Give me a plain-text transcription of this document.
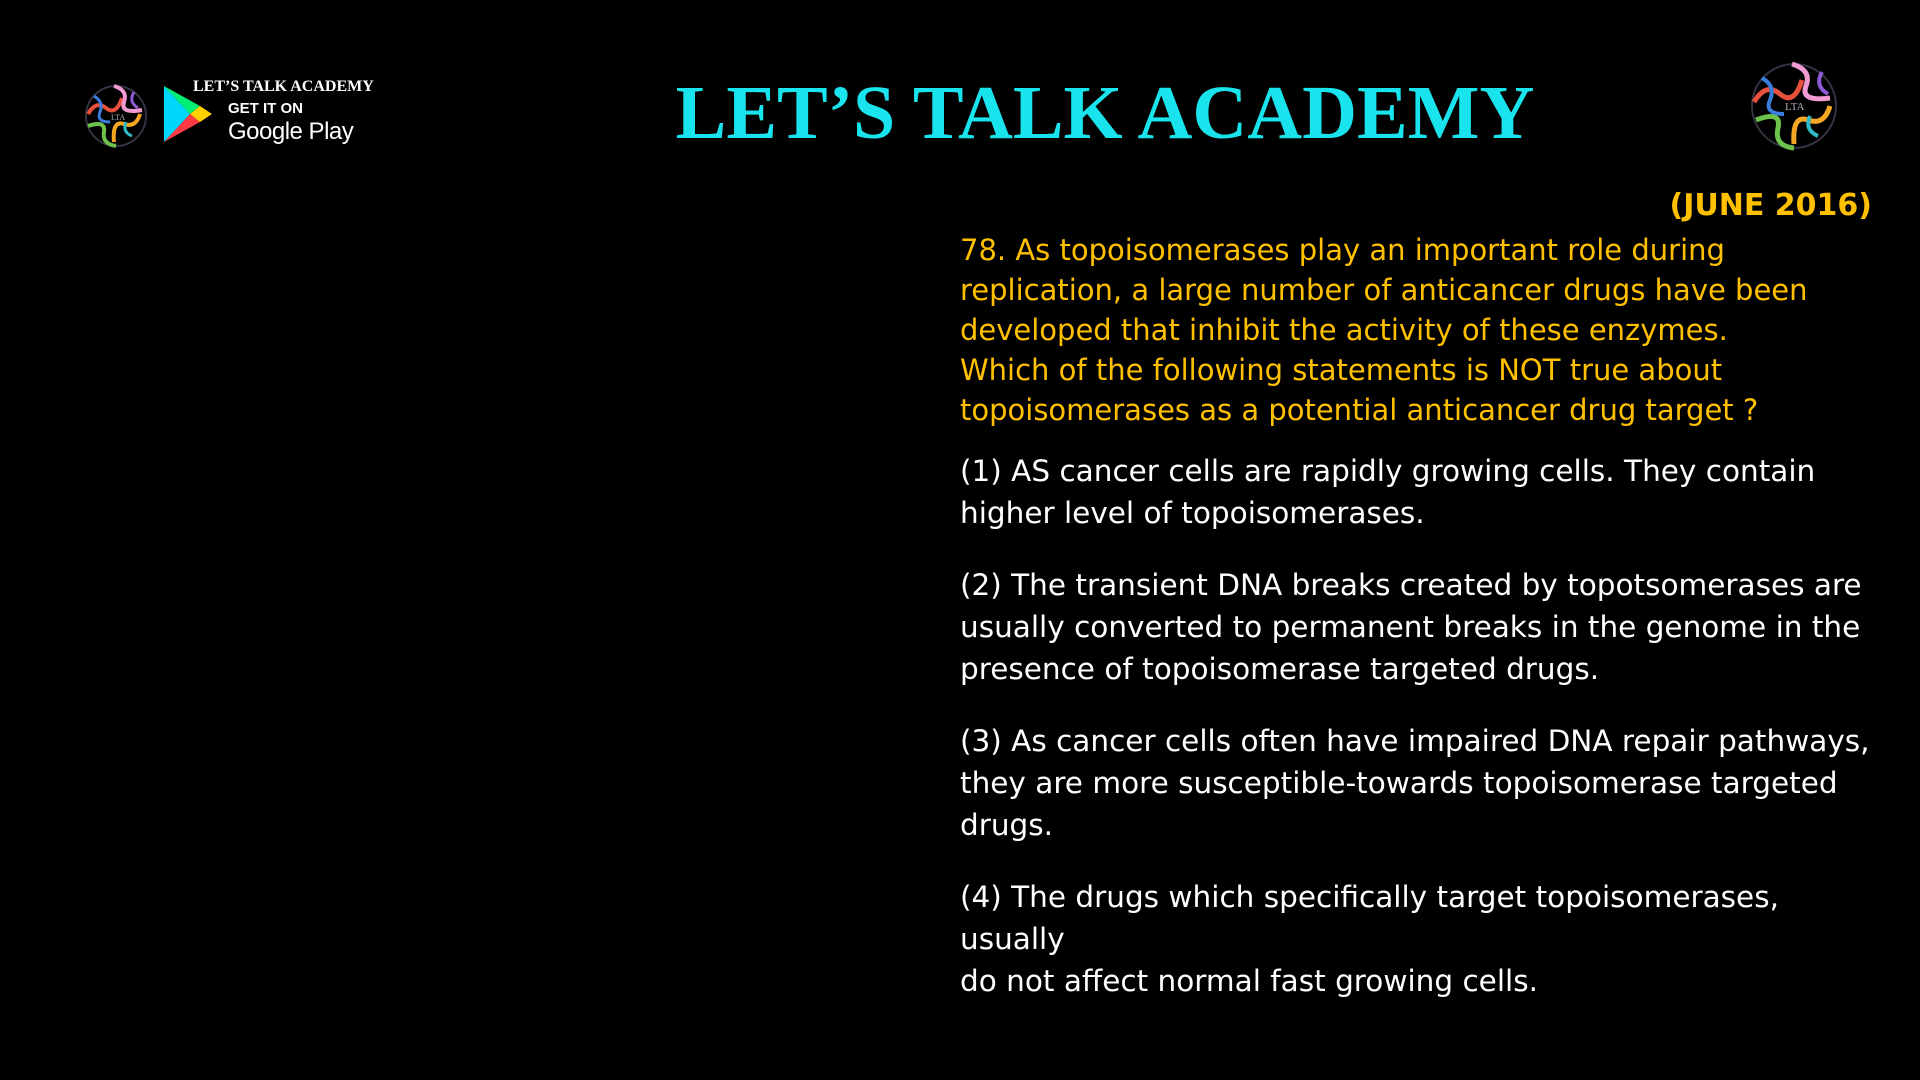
LTA
LET’S TALK ACADEMY
GET IT ON
Google Play	LET’S TALK ACADEMY	LTA
(JUNE 2016)

78. As topoisomerases play an important role during
replication, a large number of anticancer drugs have been
developed that inhibit the activity of these enzymes.
Which of the following statements is NOT true about
topoisomerases as a potential anticancer drug target ?

(1) AS cancer cells are rapidly growing cells. They contain
higher level of topoisomerases.

(2) The transient DNA breaks created by topotsomerases are
usually converted to permanent breaks in the genome in the
presence of topoisomerase targeted drugs.

(3) As cancer cells often have impaired DNA repair pathways,
they are more susceptible-towards topoisomerase targeted
drugs.

(4) The drugs which specifically target topoisomerases, usually
do not affect normal fast growing cells.
